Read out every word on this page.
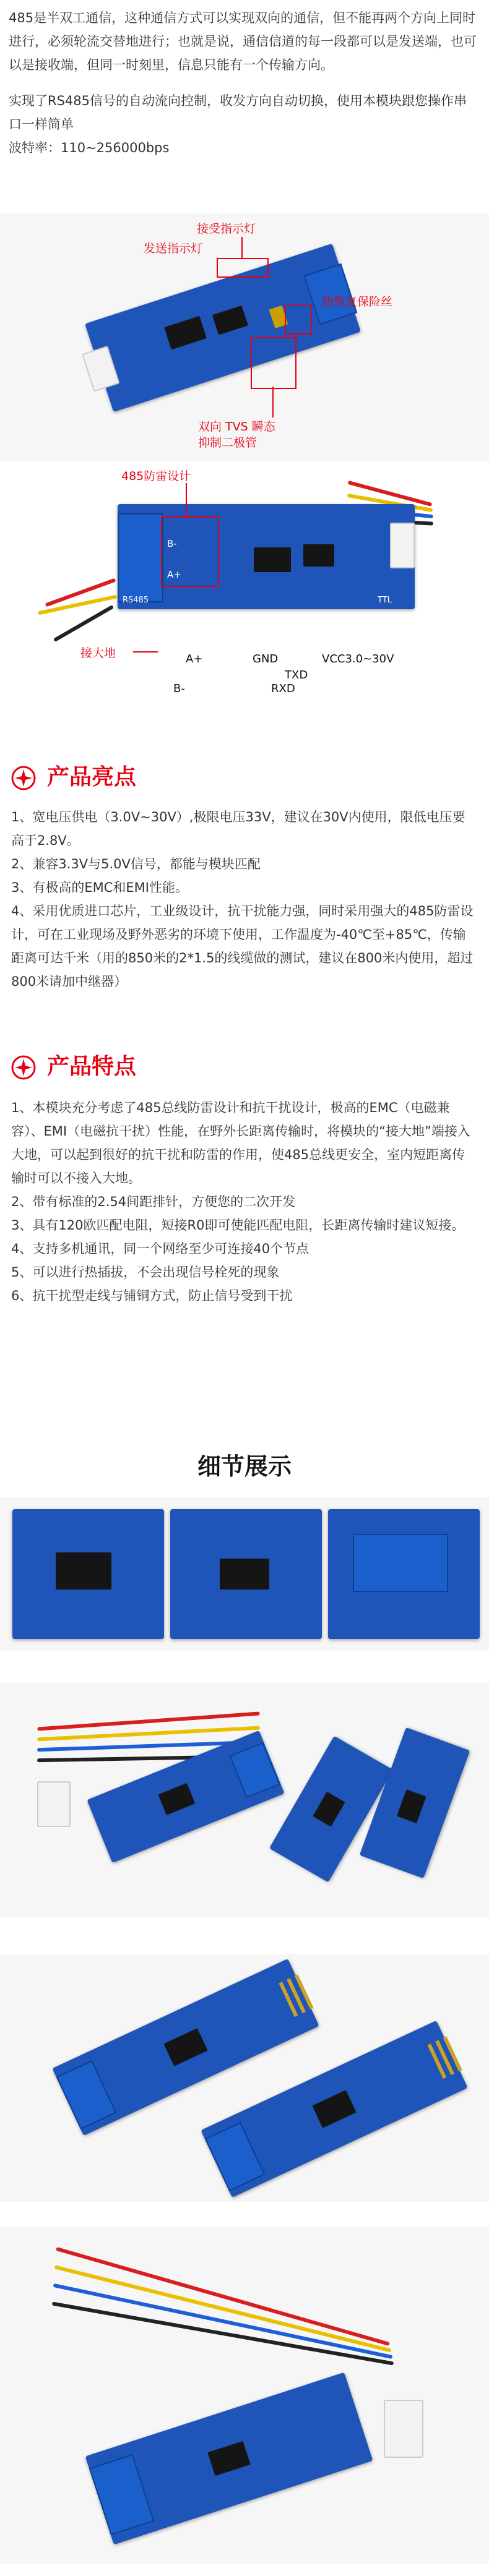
485是半双工通信，这种通信方式可以实现双向的通信，但不能再两个方向上同时进行，必须轮流交替地进行；也就是说，通信信道的每一段都可以是发送端，也可以是接收端，但同一时刻里，信息只能有一个传输方向。

实现了RS485信号的自动流向控制，收发方向自动切换，使用本模块跟您操作串口一样简单

波特率：110~256000bps

接受指示灯
发送指示灯
热恢复保险丝
双向 TVS 瞬态
抑制二极管
B-
A+
RS485	TTL
485防雷设计
接大地	A+
B-
GND
RXD
TXD
VCC3.0~30V
产品亮点

1、宽电压供电（3.0V~30V）,极限电压33V，建议在30V内使用，限低电压要高于2.8V。

2、兼容3.3V与5.0V信号，都能与模块匹配

3、有极高的EMC和EMI性能。

4、采用优质进口芯片，工业级设计，抗干扰能力强，同时采用强大的485防雷设计，可在工业现场及野外恶劣的环境下使用，工作温度为-40℃至+85℃，传输距离可达千米（用的850米的2*1.5的线缆做的测试，建议在800米内使用，超过800米请加中继器）

产品特点

1、本模块充分考虑了485总线防雷设计和抗干扰设计，极高的EMC（电磁兼容）、EMI（电磁抗干扰）性能，在野外长距离传输时，将模块的“接大地”端接入大地，可以起到很好的抗干扰和防雷的作用，使485总线更安全，室内短距离传输时可以不接入大地。

2、带有标准的2.54间距排针，方便您的二次开发

3、具有120欧匹配电阻，短接R0即可使能匹配电阻，长距离传输时建议短接。

4、支持多机通讯，同一个网络至少可连接40个节点

5、可以进行热插拔，不会出现信号栓死的现象

6、抗干扰型走线与铺铜方式，防止信号受到干扰

细节展示
